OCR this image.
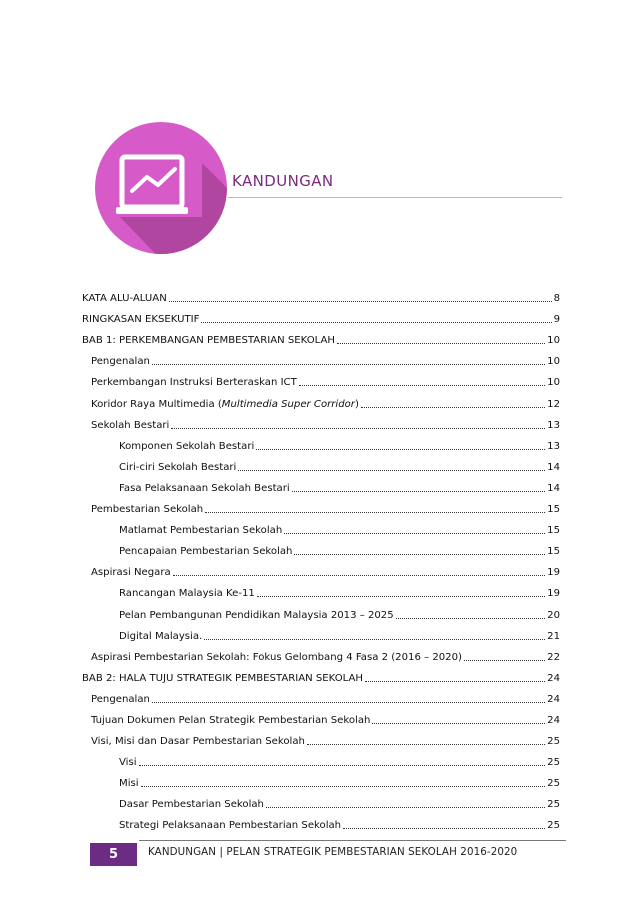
KANDUNGAN
KATA ALU-ALUAN	8
RINGKASAN EKSEKUTIF	9
BAB 1: PERKEMBANGAN PEMBESTARIAN SEKOLAH	10
Pengenalan	10
Perkembangan Instruksi Berteraskan ICT	10
Koridor Raya Multimedia (Multimedia Super Corridor)	12
Sekolah Bestari	13
Komponen Sekolah Bestari	13
Ciri-ciri Sekolah Bestari	14
Fasa Pelaksanaan Sekolah Bestari	14
Pembestarian Sekolah	15
Matlamat Pembestarian Sekolah	15
Pencapaian Pembestarian Sekolah	15
Aspirasi Negara	19
Rancangan Malaysia Ke-11	19
Pelan Pembangunan Pendidikan Malaysia 2013 – 2025	20
Digital Malaysia.	21
Aspirasi Pembestarian Sekolah: Fokus Gelombang 4 Fasa 2 (2016 – 2020)	22
BAB 2: HALA TUJU STRATEGIK PEMBESTARIAN SEKOLAH	24
Pengenalan	24
Tujuan Dokumen Pelan Strategik Pembestarian Sekolah	24
Visi, Misi dan Dasar Pembestarian Sekolah	25
Visi	25
Misi	25
Dasar Pembestarian Sekolah	25
Strategi Pelaksanaan Pembestarian Sekolah	25
5	KANDUNGAN | PELAN STRATEGIK PEMBESTARIAN SEKOLAH 2016-2020
